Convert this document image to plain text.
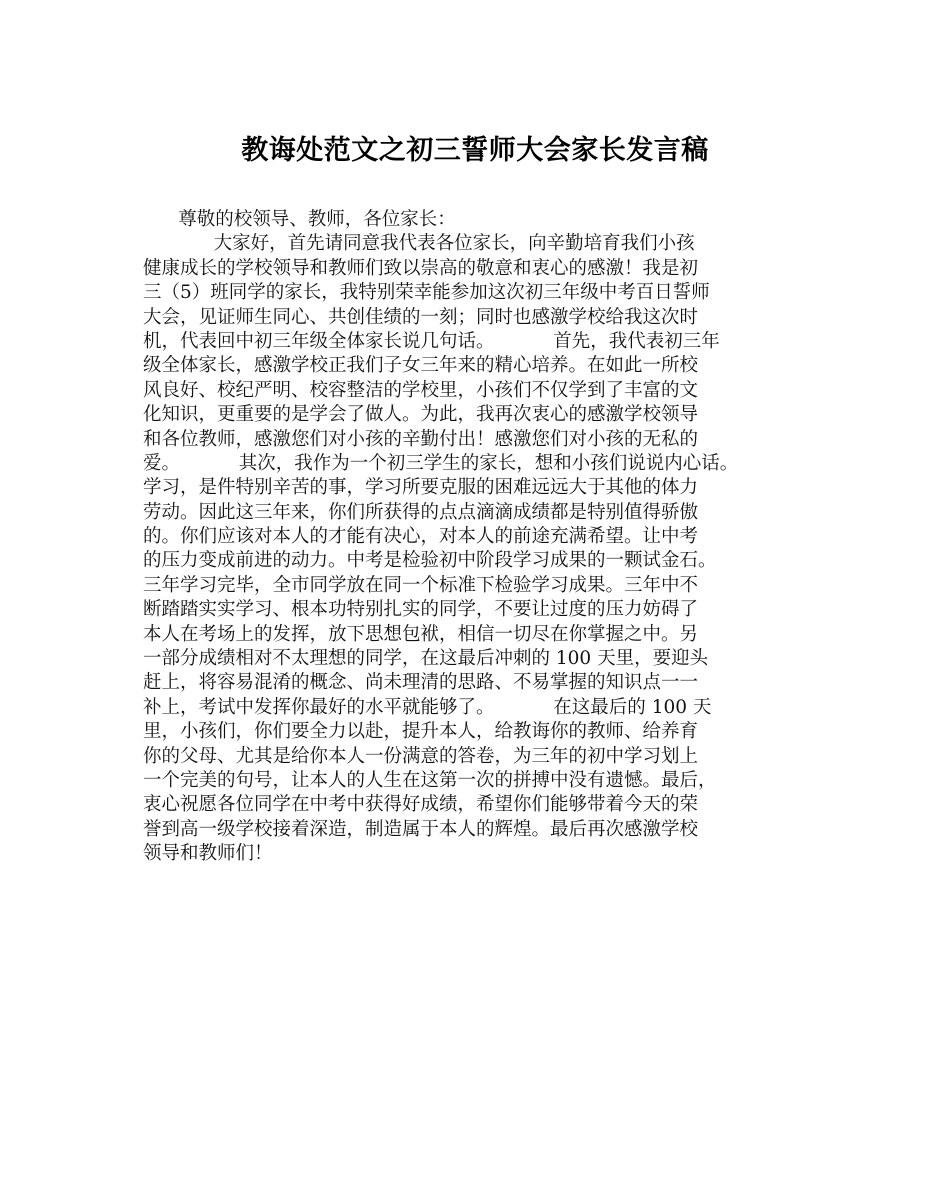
教诲处范文之初三誓师大会家长发言稿
尊敬的校领导、教师，各位家长：
大家好，首先请同意我代表各位家长，向辛勤培育我们小孩
健康成长的学校领导和教师们致以崇高的敬意和衷心的感激！我是初
三（5）班同学的家长，我特别荣幸能参加这次初三年级中考百日誓师
大会，见证师生同心、共创佳绩的一刻；同时也感激学校给我这次时
机，代表回中初三年级全体家长说几句话。          首先，我代表初三年
级全体家长，感激学校正我们子女三年来的精心培养。在如此一所校
风良好、校纪严明、校容整洁的学校里，小孩们不仅学到了丰富的文
化知识，更重要的是学会了做人。为此，我再次衷心的感激学校领导
和各位教师，感激您们对小孩的辛勤付出！感激您们对小孩的无私的
爱。          其次，我作为一个初三学生的家长，想和小孩们说说内心话。
学习，是件特别辛苦的事，学习所要克服的困难远远大于其他的体力
劳动。因此这三年来，你们所获得的点点滴滴成绩都是特别值得骄傲
的。你们应该对本人的才能有决心，对本人的前途充满希望。让中考
的压力变成前进的动力。中考是检验初中阶段学习成果的一颗试金石。
三年学习完毕，全市同学放在同一个标准下检验学习成果。三年中不
断踏踏实实学习、根本功特别扎实的同学，不要让过度的压力妨碍了
本人在考场上的发挥，放下思想包袱，相信一切尽在你掌握之中。另
一部分成绩相对不太理想的同学，在这最后冲刺的 100 天里，要迎头
赶上，将容易混淆的概念、尚未理清的思路、不易掌握的知识点一一
补上，考试中发挥你最好的水平就能够了。          在这最后的 100 天
里，小孩们，你们要全力以赴，提升本人，给教诲你的教师、给养育
你的父母、尤其是给你本人一份满意的答卷，为三年的初中学习划上
一个完美的句号，让本人的人生在这第一次的拼搏中没有遗憾。最后，
衷心祝愿各位同学在中考中获得好成绩，希望你们能够带着今天的荣
誉到高一级学校接着深造，制造属于本人的辉煌。最后再次感激学校
领导和教师们！
